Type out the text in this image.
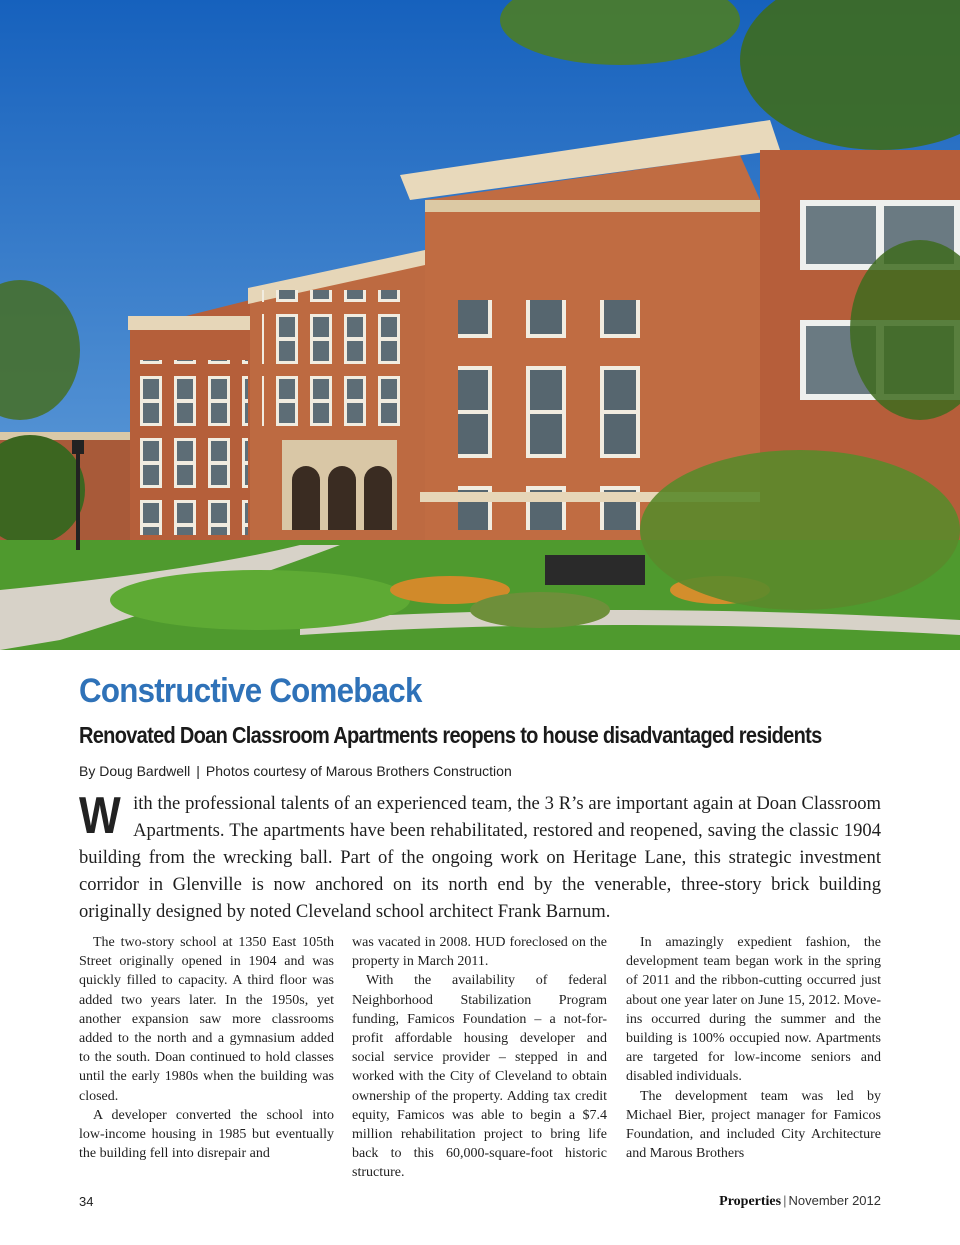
Constructive Comeback
Renovated Doan Classroom Apartments reopens to house disadvantaged residents
By Doug Bardwell | Photos courtesy of Marous Brothers Construction

With the professional talents of an experienced team, the 3 R’s are important again at Doan Classroom Apartments. The apartments have been rehabilitated, restored and reopened, saving the classic 1904 building from the wrecking ball. Part of the ongoing work on Heritage Lane, this strategic investment corridor in Glenville is now anchored on its north end by the venerable, three-story brick building originally designed by noted Cleveland school architect Frank Barnum.

The two-story school at 1350 East 105th Street originally opened in 1904 and was quickly filled to capacity. A third floor was added two years later. In the 1950s, yet another expansion saw more classrooms added to the north and a gymnasium added to the south. Doan continued to hold classes until the early 1980s when the building was closed.

A developer converted the school into low-income housing in 1985 but eventually the building fell into disrepair and

was vacated in 2008. HUD foreclosed on the property in March 2011.

With the availability of federal Neighborhood Stabilization Program funding, Famicos Foundation – a not-for-profit affordable housing developer and social service provider – stepped in and worked with the City of Cleveland to obtain ownership of the property. Adding tax credit equity, Famicos was able to begin a $7.4 million rehabilitation project to bring life back to this 60,000-square-foot historic structure.

In amazingly expedient fashion, the development team began work in the spring of 2011 and the ribbon-cutting occurred just about one year later on June 15, 2012. Move-ins occurred during the summer and the building is 100% occupied now. Apartments are targeted for low-income seniors and disabled individuals.

The development team was led by Michael Bier, project manager for Famicos Foundation, and included City Architecture and Marous Brothers

34	Properties | November 2012
